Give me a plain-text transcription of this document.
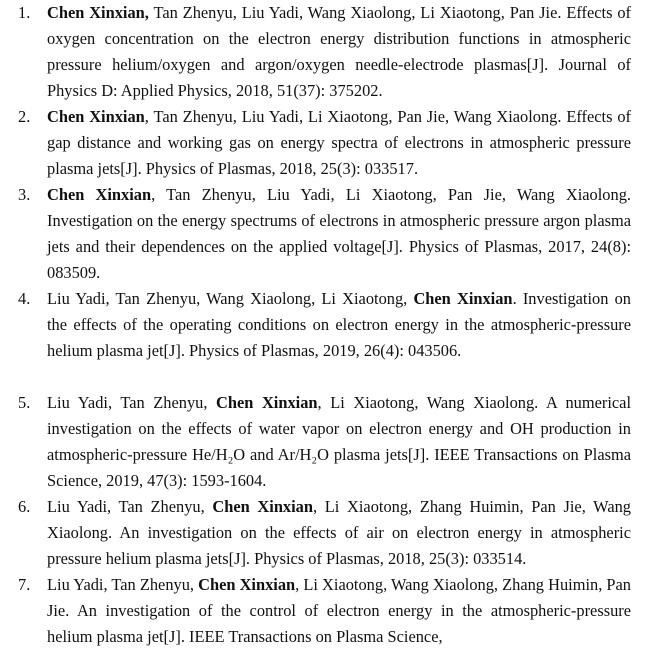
1.	Chen Xinxian, Tan Zhenyu, Liu Yadi, Wang Xiaolong, Li Xiaotong, Pan Jie. Effects of oxygen concentration on the electron energy distribution functions in atmospheric pressure helium/oxygen and argon/oxygen needle-electrode plasmas[J]. Journal of Physics D: Applied Physics, 2018, 51(37): 375202.
2.	Chen Xinxian, Tan Zhenyu, Liu Yadi, Li Xiaotong, Pan Jie, Wang Xiaolong. Effects of gap distance and working gas on energy spectra of electrons in atmospheric pressure plasma jets[J]. Physics of Plasmas, 2018, 25(3): 033517.
3.	Chen Xinxian, Tan Zhenyu, Liu Yadi, Li Xiaotong, Pan Jie, Wang Xiaolong. Investigation on the energy spectrums of electrons in atmospheric pressure argon plasma jets and their dependences on the applied voltage[J]. Physics of Plasmas, 2017, 24(8): 083509.
4.	Liu Yadi, Tan Zhenyu, Wang Xiaolong, Li Xiaotong, Chen Xinxian. Investigation on the effects of the operating conditions on electron energy in the atmospheric-pressure helium plasma jet[J]. Physics of Plasmas, 2019, 26(4): 043506.
5.	Liu Yadi, Tan Zhenyu, Chen Xinxian, Li Xiaotong, Wang Xiaolong. A numerical investigation on the effects of water vapor on electron energy and OH production in atmospheric-pressure He/H₂O and Ar/H₂O plasma jets[J]. IEEE Transactions on Plasma Science, 2019, 47(3): 1593-1604.
6.	Liu Yadi, Tan Zhenyu, Chen Xinxian, Li Xiaotong, Zhang Huimin, Pan Jie, Wang Xiaolong. An investigation on the effects of air on electron energy in atmospheric pressure helium plasma jets[J]. Physics of Plasmas, 2018, 25(3): 033514.
7.	Liu Yadi, Tan Zhenyu, Chen Xinxian, Li Xiaotong, Wang Xiaolong, Zhang Huimin, Pan Jie. An investigation of the control of electron energy in the atmospheric-pressure helium plasma jet[J]. IEEE Transactions on Plasma Science,
